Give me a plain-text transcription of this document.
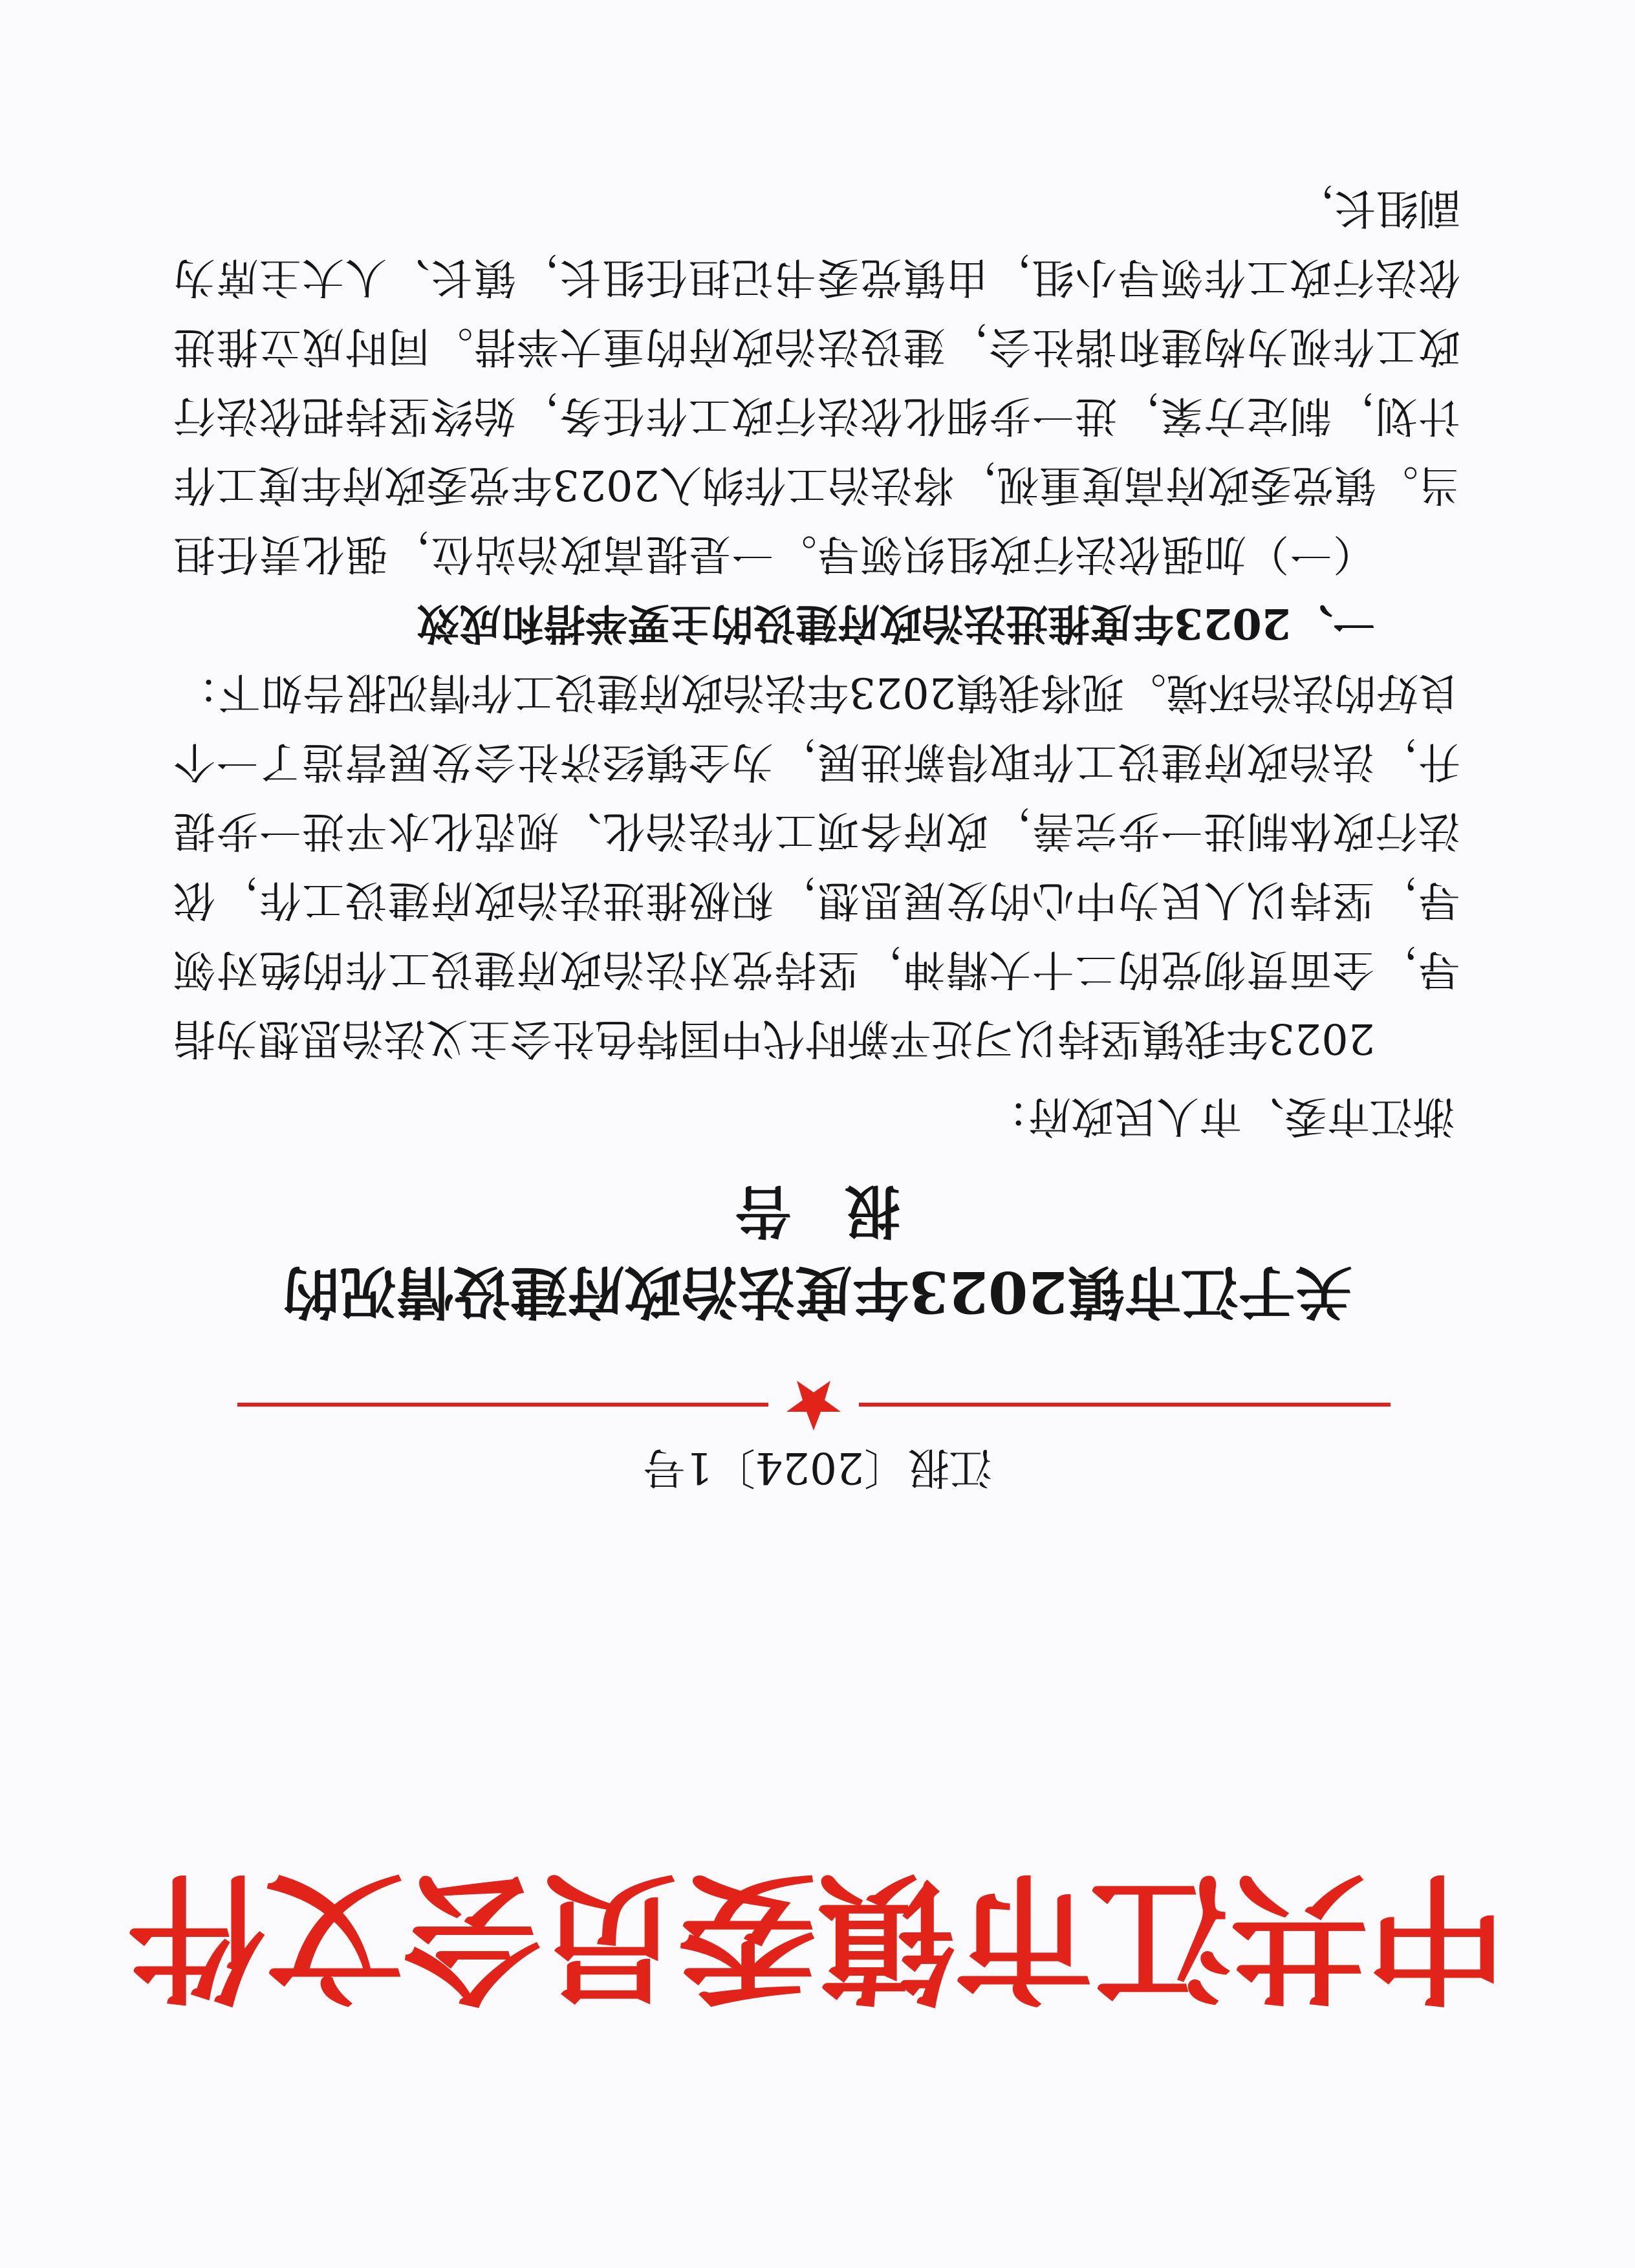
中共江市镇委员会文件
江报〔2024〕1号
关于江市镇2023年度法治政府建设情况的
报告
浙江市委、市人民政府：

2023年我镇坚持以习近平新时代中国特色社会主义法治思想为指导，全面贯彻党的二十大精神，坚持党对法治政府建设工作的绝对领导，坚持以人民为中心的发展思想，积极推进法治政府建设工作，依法行政体制进一步完善，政府各项工作法治化、规范化水平进一步提升，法治政府建设工作取得新进展，为全镇经济社会发展营造了一个良好的法治环境。现将我镇2023年法治政府建设工作情况报告如下：

一、2023年度推进法治政府建设的主要举措和成效

（一）加强依法行政组织领导。一是提高政治站位，强化责任担当。镇党委政府高度重视，将法治工作纳入2023年党委政府年度工作计划，制定方案，进一步细化依法行政工作任务，始终坚持把依法行政工作视为构建和谐社会，建设法治政府的重大举措。同时成立推进依法行政工作领导小组，由镇党委书记担任组长，镇长、人大主席为副组长，
